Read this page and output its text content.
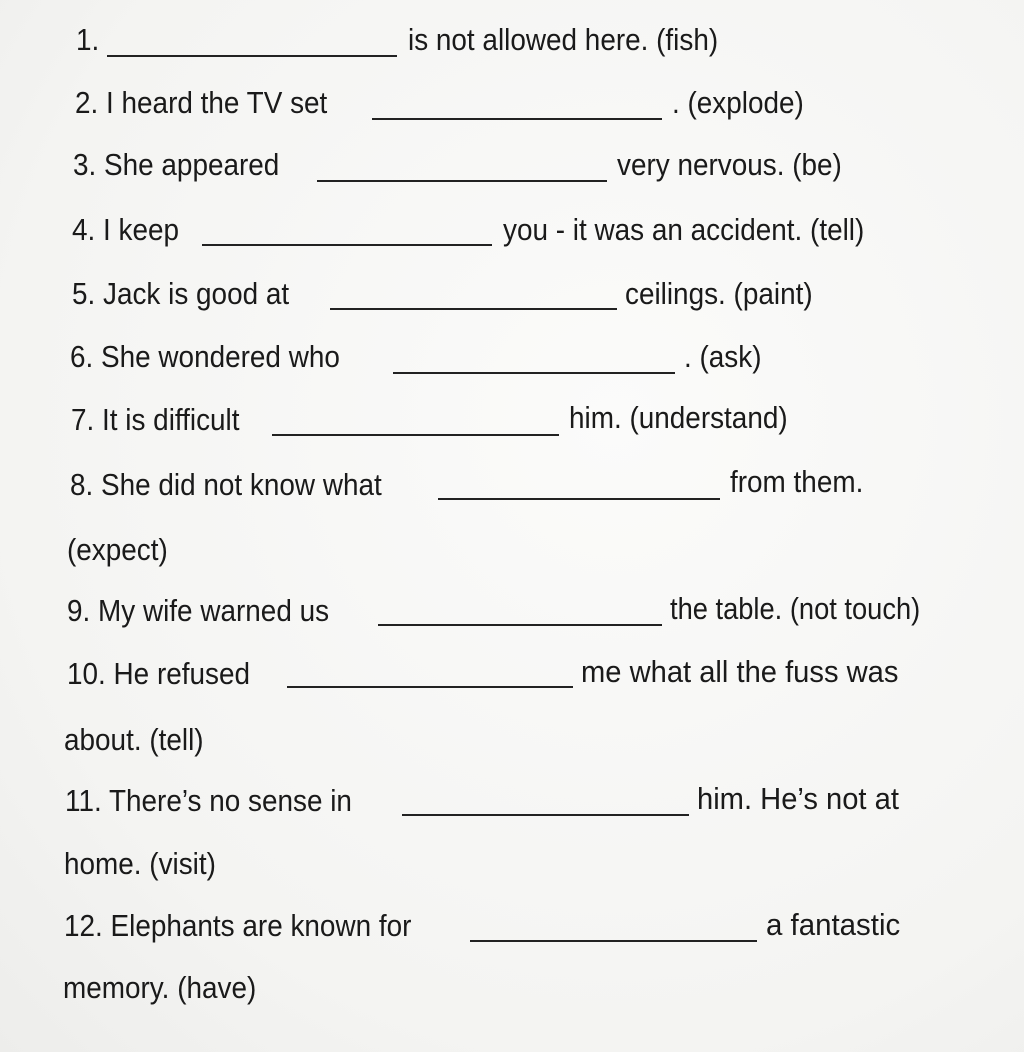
1.	is not allowed here. (fish)
2. I heard the TV set	. (explode)
3. She appeared	very nervous. (be)
4. I keep	you - it was an accident. (tell)
5. Jack is good at	ceilings. (paint)
6. She wondered who	. (ask)
7. It is difficult	him. (understand)
8. She did not know what	from them.
(expect)
9. My wife warned us	the table. (not touch)
10. He refused	me what all the fuss was
about. (tell)
11. There’s no sense in	him. He’s not at
home. (visit)
12. Elephants are known for	a fantastic
memory. (have)
